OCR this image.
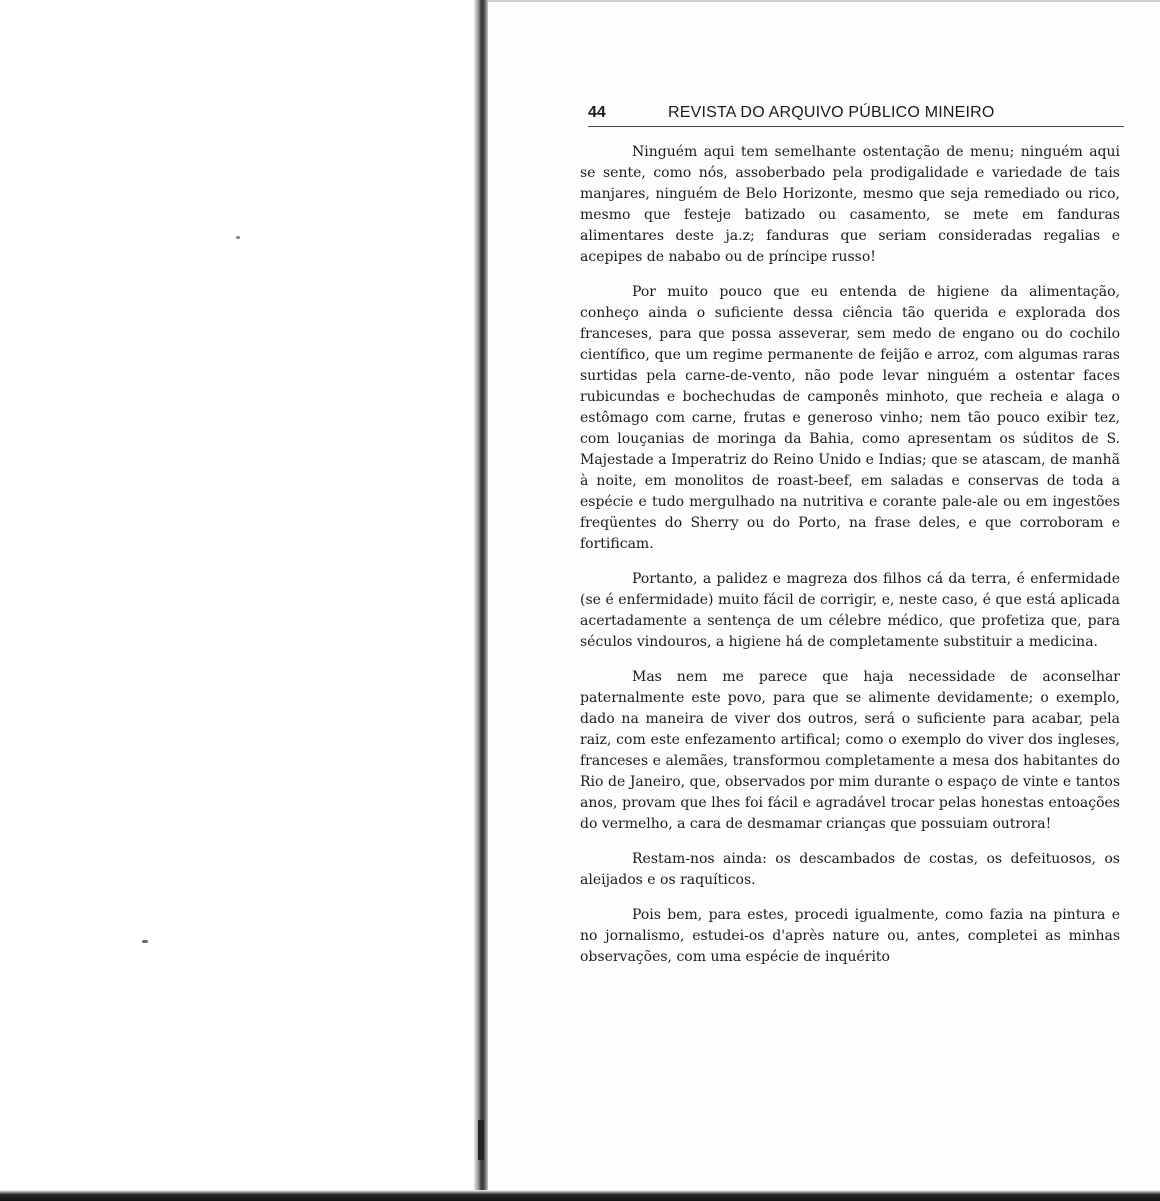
44	REVISTA DO ARQUIVO PÚBLICO MINEIRO

Ninguém aqui tem semelhante ostentação de menu; ninguém aqui se sente, como nós, assoberbado pela prodigalidade e variedade de tais manjares, ninguém de Belo Horizonte, mesmo que seja remediado ou rico, mesmo que festeje batizado ou casamento, se mete em fanduras alimentares deste ja.z; fanduras que seriam consideradas regalias e acepipes de nababo ou de príncipe russo!

Por muito pouco que eu entenda de higiene da alimentação, conheço ainda o suficiente dessa ciência tão querida e explorada dos franceses, para que possa asseverar, sem medo de engano ou do cochilo científico, que um regime permanente de feijão e arroz, com algumas raras surtidas pela carne-de-vento, não pode levar ninguém a ostentar faces rubicundas e bochechudas de camponês minhoto, que recheia e alaga o estômago com carne, frutas e generoso vinho; nem tão pouco exibir tez, com louçanias de moringa da Bahia, como apresentam os súditos de S. Majestade a Imperatriz do Reino Unido e Indias; que se atascam, de manhã à noite, em monolitos de roast-beef, em saladas e conservas de toda a espécie e tudo mergulhado na nutritiva e corante pale-ale ou em ingestões freqüentes do Sherry ou do Porto, na frase deles, e que corroboram e fortificam.

Portanto, a palidez e magreza dos filhos cá da terra, é enfermidade (se é enfermidade) muito fácil de corrigir, e, neste caso, é que está aplicada acertadamente a sentença de um célebre médico, que profetiza que, para séculos vindouros, a higiene há de completamente substituir a medicina.

Mas nem me parece que haja necessidade de aconselhar paternalmente este povo, para que se alimente devidamente; o exemplo, dado na maneira de viver dos outros, será o suficiente para acabar, pela raiz, com este enfezamento artifical; como o exemplo do viver dos ingleses, franceses e alemães, transformou completamente a mesa dos habitantes do Rio de Janeiro, que, observados por mim durante o espaço de vinte e tantos anos, provam que lhes foi fácil e agradável trocar pelas honestas entoações do vermelho, a cara de desmamar crianças que possuiam outrora!

Restam-nos ainda: os descambados de costas, os defeituosos, os aleijados e os raquíticos.

Pois bem, para estes, procedi igualmente, como fazia na pintura e no jornalismo, estudei-os d'après nature ou, antes, completei as minhas observações, com uma espécie de inquérito
